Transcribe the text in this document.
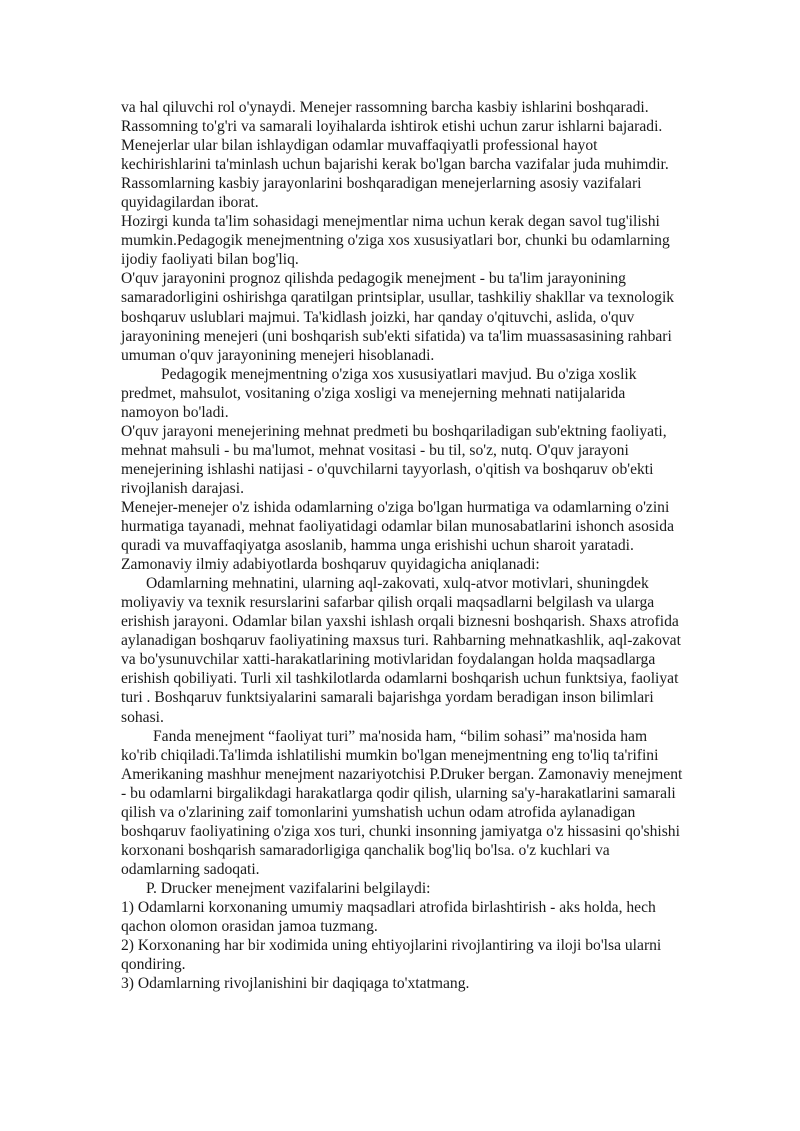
va hal qiluvchi rol o'ynaydi. Menejer rassomning barcha kasbiy ishlarini boshqaradi. Rassomning to'g'ri va samarali loyihalarda ishtirok etishi uchun zarur ishlarni bajaradi.

Menejerlar ular bilan ishlaydigan odamlar muvaffaqiyatli professional hayot kechirishlarini ta'minlash uchun bajarishi kerak bo'lgan barcha vazifalar juda muhimdir. Rassomlarning kasbiy jarayonlarini boshqaradigan menejerlarning asosiy vazifalari quyidagilardan iborat.

Hozirgi kunda ta'lim sohasidagi menejmentlar nima uchun kerak degan savol tug'ilishi mumkin.Pedagogik menejmentning o'ziga xos xususiyatlari bor, chunki bu odamlarning ijodiy faoliyati bilan bog'liq.

O'quv jarayonini prognoz qilishda pedagogik menejment - bu ta'lim jarayonining samaradorligini oshirishga qaratilgan printsiplar, usullar, tashkiliy shakllar va texnologik boshqaruv uslublari majmui. Ta'kidlash joizki, har qanday o'qituvchi, aslida, o'quv jarayonining menejeri (uni boshqarish sub'ekti sifatida) va ta'lim muassasasining rahbari umuman o'quv jarayonining menejeri hisoblanadi.

Pedagogik menejmentning o'ziga xos xususiyatlari mavjud. Bu o'ziga xoslik predmet, mahsulot, vositaning o'ziga xosligi va menejerning mehnati natijalarida namoyon bo'ladi.

O'quv jarayoni menejerining mehnat predmeti bu boshqariladigan sub'ektning faoliyati, mehnat mahsuli - bu ma'lumot, mehnat vositasi - bu til, so'z, nutq. O'quv jarayoni menejerining ishlashi natijasi - o'quvchilarni tayyorlash, o'qitish va boshqaruv ob'ekti rivojlanish darajasi.

Menejer-menejer o'z ishida odamlarning o'ziga bo'lgan hurmatiga va odamlarning o'zini hurmatiga tayanadi, mehnat faoliyatidagi odamlar bilan munosabatlarini ishonch asosida quradi va muvaffaqiyatga asoslanib, hamma unga erishishi uchun sharoit yaratadi. Zamonaviy ilmiy adabiyotlarda boshqaruv quyidagicha aniqlanadi:

Odamlarning mehnatini, ularning aql-zakovati, xulq-atvor motivlari, shuningdek moliyaviy va texnik resurslarini safarbar qilish orqali maqsadlarni belgilash va ularga erishish jarayoni. Odamlar bilan yaxshi ishlash orqali biznesni boshqarish. Shaxs atrofida aylanadigan boshqaruv faoliyatining maxsus turi. Rahbarning mehnatkashlik, aql-zakovat va bo'ysunuvchilar xatti-harakatlarining motivlaridan foydalangan holda maqsadlarga erishish qobiliyati. Turli xil tashkilotlarda odamlarni boshqarish uchun funktsiya, faoliyat turi . Boshqaruv funktsiyalarini samarali bajarishga yordam beradigan inson bilimlari sohasi.

Fanda menejment “faoliyat turi” ma'nosida ham, “bilim sohasi” ma'nosida ham ko'rib chiqiladi.Ta'limda ishlatilishi mumkin bo'lgan menejmentning eng to'liq ta'rifini Amerikaning mashhur menejment nazariyotchisi P.Druker bergan. Zamonaviy menejment - bu odamlarni birgalikdagi harakatlarga qodir qilish, ularning sa'y-harakatlarini samarali qilish va o'zlarining zaif tomonlarini yumshatish uchun odam atrofida aylanadigan boshqaruv faoliyatining o'ziga xos turi, chunki insonning jamiyatga o'z hissasini qo'shishi korxonani boshqarish samaradorligiga qanchalik bog'liq bo'lsa. o'z kuchlari va odamlarning sadoqati.

P. Drucker menejment vazifalarini belgilaydi:

1) Odamlarni korxonaning umumiy maqsadlari atrofida birlashtirish - aks holda, hech qachon olomon orasidan jamoa tuzmang.

2) Korxonaning har bir xodimida uning ehtiyojlarini rivojlantiring va iloji bo'lsa ularni qondiring.

3) Odamlarning rivojlanishini bir daqiqaga to'xtatmang.
